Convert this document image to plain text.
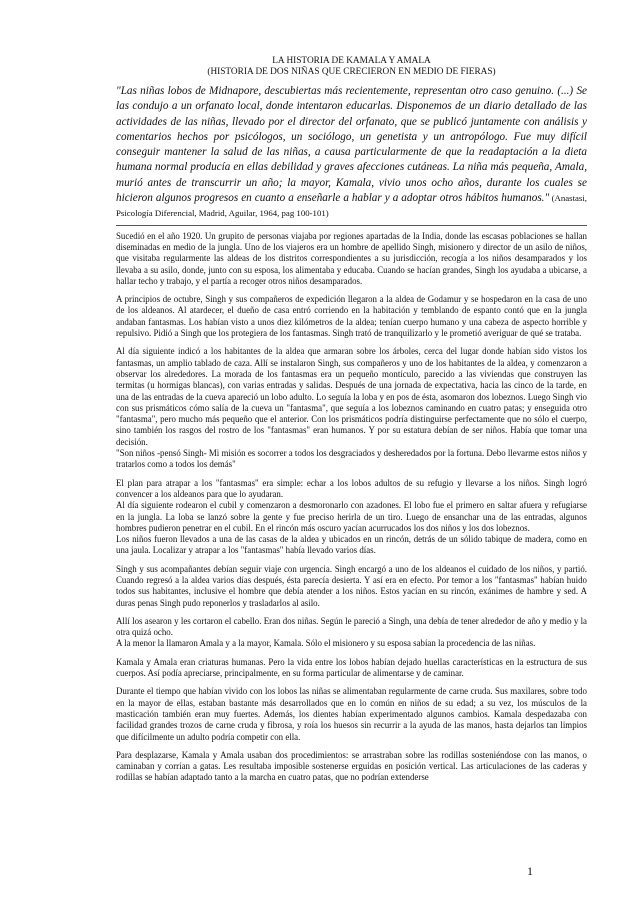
LA HISTORIA DE KAMALA Y AMALA

(HISTORIA DE DOS NIÑAS QUE CRECIERON EN MEDIO DE FIERAS)

"Las niñas lobos de Midnapore, descubiertas más recientemente, representan otro caso genuino. (...) Se las condujo a un orfanato local, donde intentaron educarlas. Disponemos de un diario detallado de las actividades de las niñas, llevado por el director del orfanato, que se publicó juntamente con análisis y comentarios hechos por psicólogos, un sociólogo, un genetista y un antropólogo. Fue muy difícil conseguir mantener la salud de las niñas, a causa particularmente de que la readaptación a la dieta humana normal producía en ellas debilidad y graves afecciones cutáneas. La niña más pequeña, Amala, murió antes de transcurrir un año; la mayor, Kamala, vivio unos ocho años, durante los cuales se hicieron algunos progresos en cuanto a enseñarle a hablar y a adoptar otros hábitos humanos." (Anastasi, Psicología Diferencial, Madrid, Aguilar, 1964, pag 100-101)

Sucedió en el año 1920. Un grupito de personas viajaba por regiones apartadas de la India, donde las escasas poblaciones se hallan diseminadas en medio de la jungla. Uno de los viajeros era un hombre de apellido Singh, misionero y director de un asilo de niños, que visitaba regularmente las aldeas de los distritos correspondientes a su jurisdicción, recogía a los niños desamparados y los llevaba a su asilo, donde, junto con su esposa, los alimentaba y educaba. Cuando se hacían grandes, Singh los ayudaba a ubicarse, a hallar techo y trabajo, y el partía a recoger otros niños desamparados.

A principios de octubre, Singh y sus compañeros de expedición llegaron a la aldea de Godamur y se hospedaron en la casa de uno de los aldeanos. Al atardecer, el dueño de casa entró corriendo en la habitación y temblando de espanto contó que en la jungla andaban fantasmas. Los habían visto a unos diez kilómetros de la aldea; tenían cuerpo humano y una cabeza de aspecto horrible y repulsivo. Pidió a Singh que los protegiera de los fantasmas. Singh trató de tranquilizarlo y le prometió averiguar de qué se trataba.

Al día siguiente indicó a los habitantes de la aldea que armaran sobre los árboles, cerca del lugar donde habían sido vistos los fantasmas, un amplio tablado de caza. Allí se instalaron Singh, sus compañeros y uno de los habitantes de la aldea, y comenzaron a observar los alrededores. La morada de los fantasmas era un pequeño montículo, parecido a las viviendas que construyen las termitas (u hormigas blancas), con varias entradas y salidas. Después de una jornada de expectativa, hacia las cinco de la tarde, en una de las entradas de la cueva apareció un lobo adulto. Lo seguía la loba y en pos de ésta, asomaron dos lobeznos. Luego Singh vio con sus prismáticos cómo salía de la cueva un "fantasma", que seguía a los lobeznos caminando en cuatro patas; y enseguida otro "fantasma", pero mucho más pequeño que el anterior. Con los prismáticos podría distinguirse perfectamente que no sólo el cuerpo, sino también los rasgos del rostro de los "fantasmas" eran humanos. Y por su estatura debían de ser niños. Había que tomar una decisión.

"Son niños -pensó Singh- Mi misión es socorrer a todos los desgraciados y desheredados por la fortuna. Debo llevarme estos niños y tratarlos como a todos los demás"

El plan para atrapar a los "fantasmas" era simple: echar a los lobos adultos de su refugio y llevarse a los niños. Singh logró convencer a los aldeanos para que lo ayudaran.

Al día siguiente rodearon el cubil y comenzaron a desmoronarlo con azadones. El lobo fue el primero en saltar afuera y refugiarse en la jungla. La loba se lanzó sobre la gente y fue preciso herirla de un tiro. Luego de ensanchar una de las entradas, algunos hombres pudieron penetrar en el cubil. En el rincón más oscuro yacían acurrucados los dos niños y los dos lobeznos.

Los niños fueron llevados a una de las casas de la aldea y ubicados en un rincón, detrás de un sólido tabique de madera, como en una jaula. Localizar y atrapar a los "fantasmas" había llevado varios días.

Singh y sus acompañantes debían seguir viaje con urgencia. Singh encargó a uno de los aldeanos el cuidado de los niños, y partió. Cuando regresó a la aldea varios días después, ésta parecía desierta. Y así era en efecto. Por temor a los "fantasmas" habían huido todos sus habitantes, inclusive el hombre que debía atender a los niños. Estos yacían en su rincón, exánimes de hambre y sed. A duras penas Singh pudo reponerlos y trasladarlos al asilo.

Allí los asearon y les cortaron el cabello. Eran dos niñas. Según le pareció a Singh, una debía de tener alrededor de año y medio y la otra quizá ocho.

A la menor la llamaron Amala y a la mayor, Kamala. Sólo el misionero y su esposa sabían la procedencia de las niñas.

Kamala y Amala eran criaturas humanas. Pero la vida entre los lobos habían dejado huellas características en la estructura de sus cuerpos. Así podía apreciarse, principalmente, en su forma particular de alimentarse y de caminar.

Durante el tiempo que habían vivido con los lobos las niñas se alimentaban regularmente de carne cruda. Sus maxilares, sobre todo en la mayor de ellas, estaban bastante más desarrollados que en lo común en niños de su edad; a su vez, los músculos de la masticación también eran muy fuertes. Además, los dientes habían experimentado algunos cambios. Kamala despedazaba con facilidad grandes trozos de carne cruda y fibrosa, y roía los huesos sin recurrir a la ayuda de las manos, hasta dejarlos tan limpios que difícilmente un adulto podría competir con ella.

Para desplazarse, Kamala y Amala usaban dos procedimientos: se arrastraban sobre las rodillas sosteniéndose con las manos, o caminaban y corrían a gatas. Les resultaba imposible sostenerse erguidas en posición vertical. Las articulaciones de las caderas y rodillas se habían adaptado tanto a la marcha en cuatro patas, que no podrían extenderse

1
